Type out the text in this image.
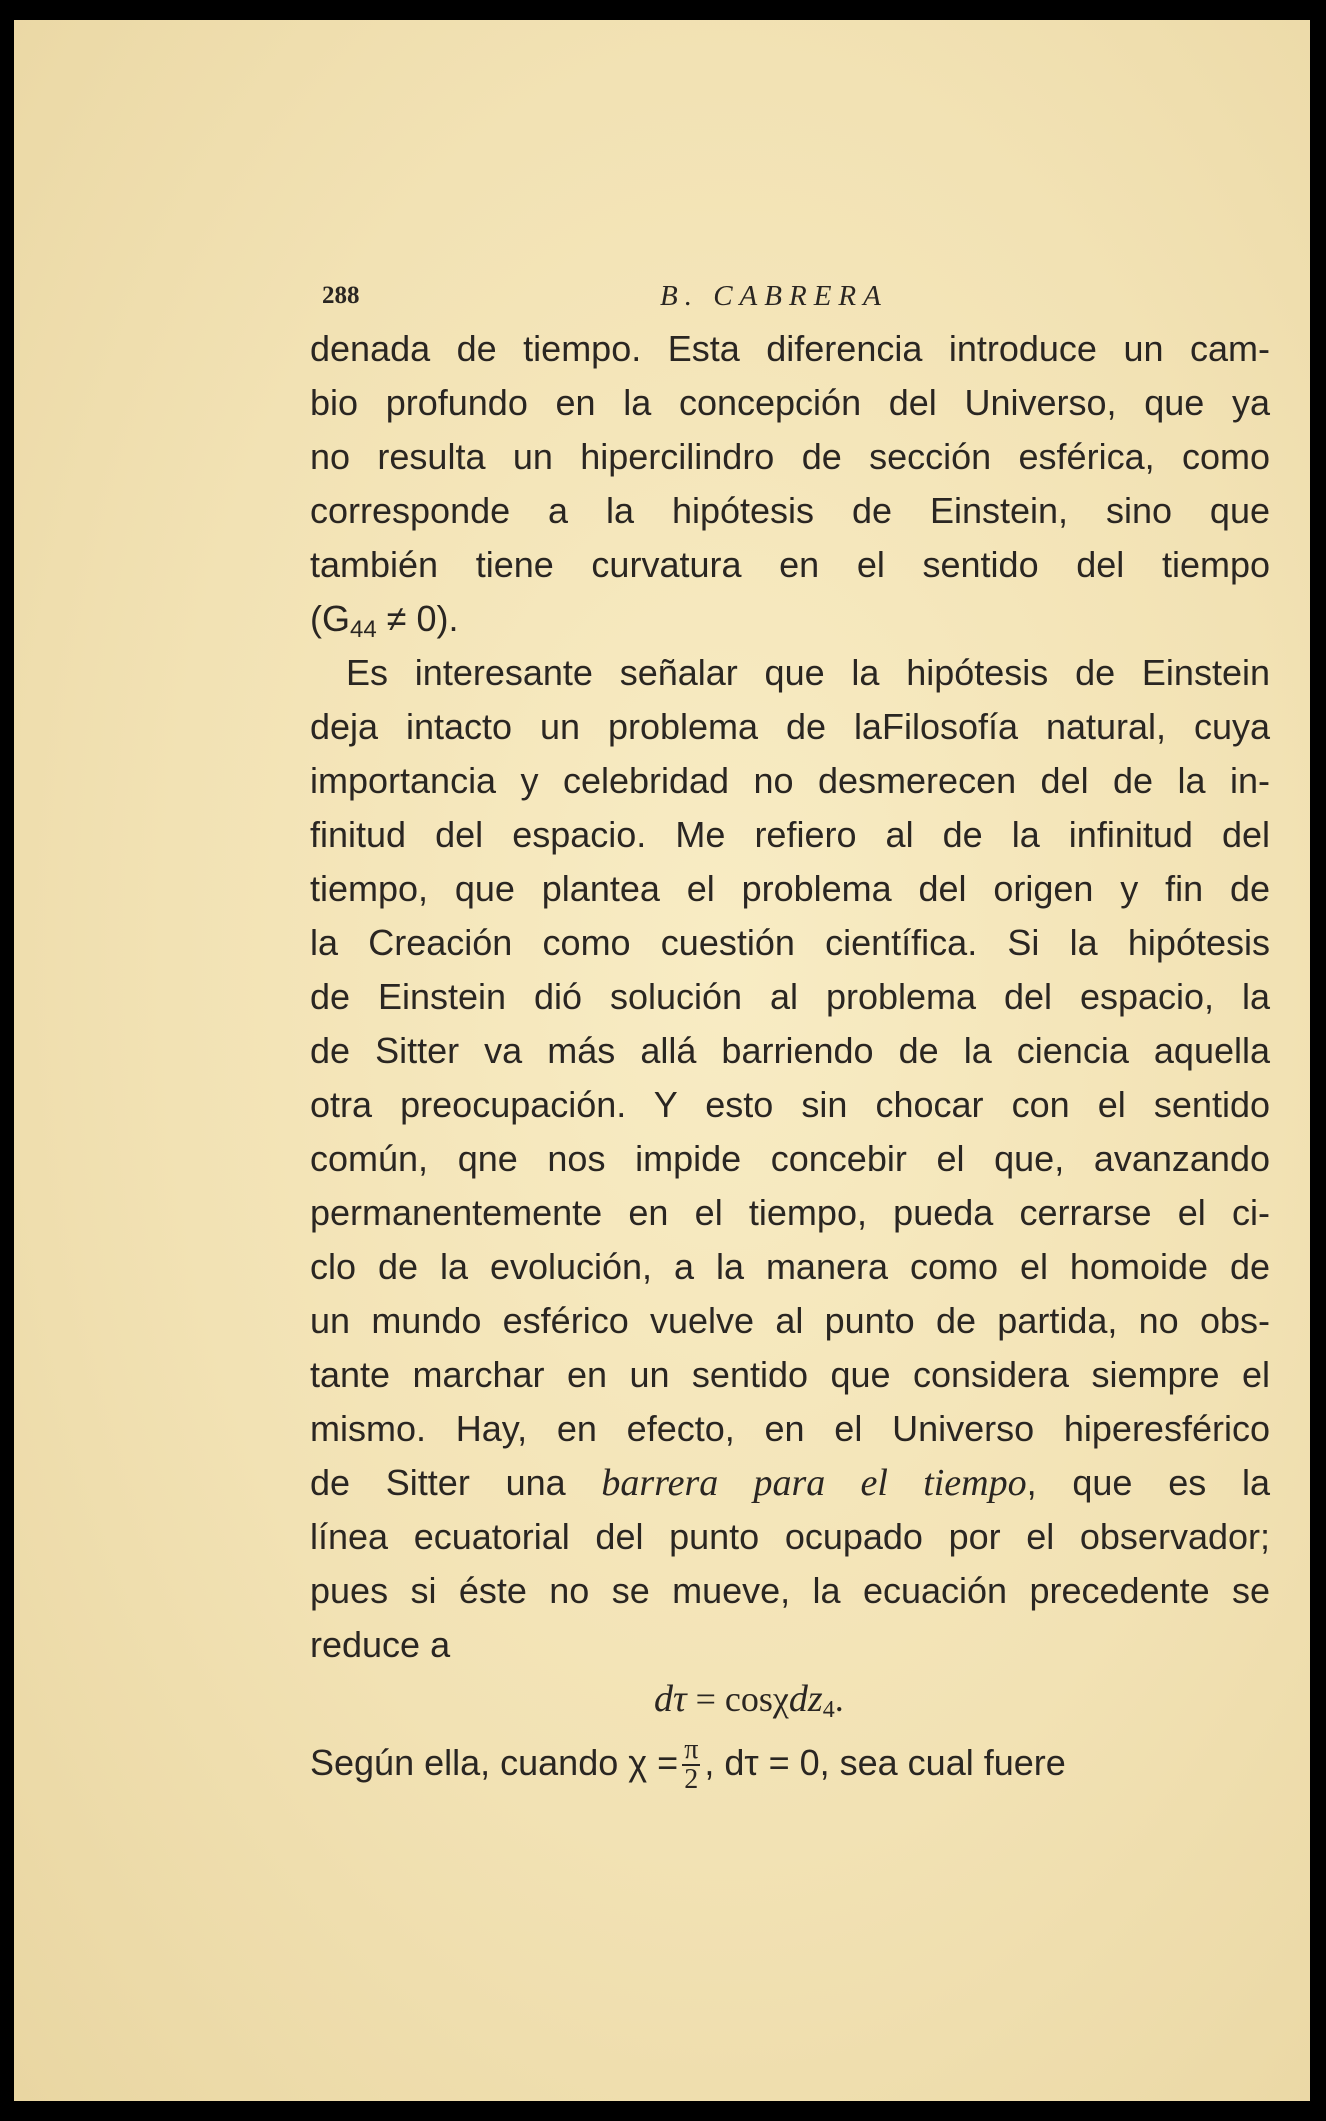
288	B. CABRERA
denada de tiempo. Esta diferencia introduce un cam-
bio profundo en la concepción del Universo, que ya
no resulta un hipercilindro de sección esférica, como
corresponde a la hipótesis de Einstein, sino que
también tiene curvatura en el sentido del tiempo
$(G_{44} \ne 0)$.
Es interesante señalar que la hipótesis de Einstein
deja intacto un problema de laFilosofía natural, cuya
importancia y celebridad no desmerecen del de la in-
finitud del espacio. Me refiero al de la infinitud del
tiempo, que plantea el problema del origen y fin de
la Creación como cuestión científica. Si la hipótesis
de Einstein dió solución al problema del espacio, la
de Sitter va más allá barriendo de la ciencia aquella
otra preocupación. Y esto sin chocar con el sentido
común, qne nos impide concebir el que, avanzando
permanentemente en el tiempo, pueda cerrarse el ci-
clo de la evolución, a la manera como el homoide de
un mundo esférico vuelve al punto de partida, no obs-
tante marchar en un sentido que considera siempre el
mismo. Hay, en efecto, en el Universo hiperesférico
de Sitter una barrera para el tiempo, que es la
línea ecuatorial del punto ocupado por el observador;
pues si éste no se mueve, la ecuación precedente se
reduce a
dτ = cosχdz$_4$.
Según ella, cuando $\chi = \frac{\pi}{2}$ , dτ = 0, sea cual fuere
